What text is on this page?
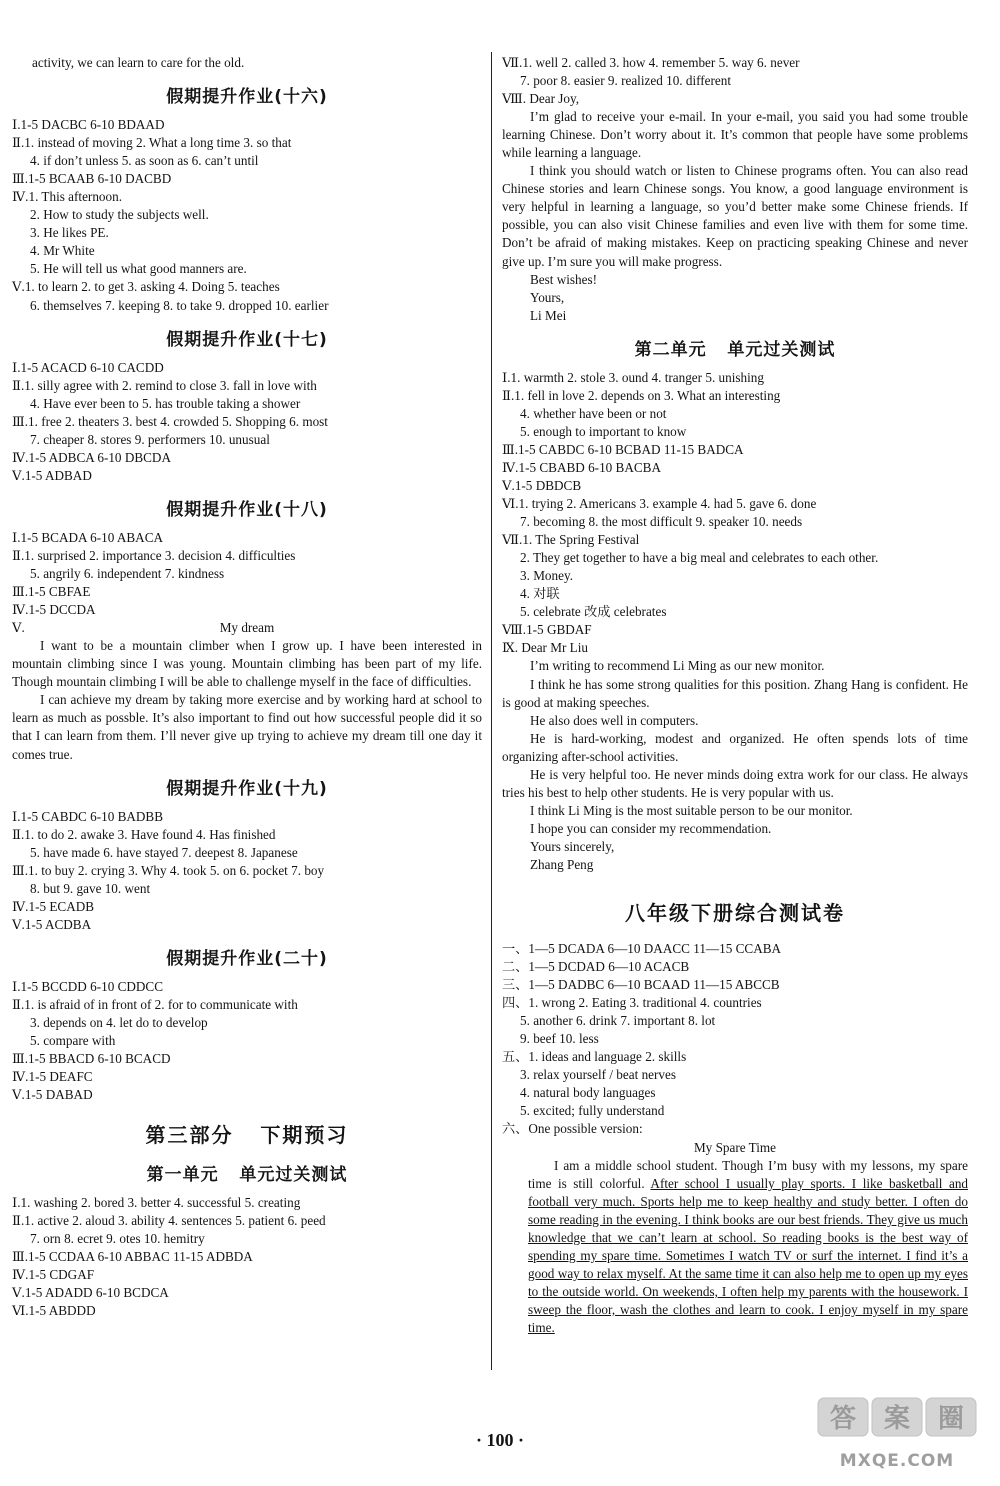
activity, we can learn to care for the old.
假期提升作业(十六)
Ⅰ.1-5 DACBC 6-10 BDAAD
Ⅱ.1. instead of moving 2. What a long time 3. so that
4. if don’t unless 5. as soon as 6. can’t until
Ⅲ.1-5 BCAAB 6-10 DACBD
Ⅳ.1. This afternoon.
2. How to study the subjects well.
3. He likes PE.
4. Mr White
5. He will tell us what good manners are.
Ⅴ.1. to learn 2. to get 3. asking 4. Doing 5. teaches
6. themselves 7. keeping 8. to take 9. dropped 10. earlier
假期提升作业(十七)
Ⅰ.1-5 ACACD 6-10 CACDD
Ⅱ.1. silly agree with 2. remind to close 3. fall in love with
4. Have ever been to 5. has trouble taking a shower
Ⅲ.1. free 2. theaters 3. best 4. crowded 5. Shopping 6. most
7. cheaper 8. stores 9. performers 10. unusual
Ⅳ.1-5 ADBCA 6-10 DBCDA
Ⅴ.1-5 ADBAD
假期提升作业(十八)
Ⅰ.1-5 BCADA 6-10 ABACA
Ⅱ.1. surprised 2. importance 3. decision 4. difficulties
5. angrily 6. independent 7. kindness
Ⅲ.1-5 CBFAE
Ⅳ.1-5 DCCDA
Ⅴ.	My dream
I want to be a mountain climber when I grow up. I have been interested in mountain climbing since I was young. Mountain climbing has been part of my life. Though mountain climbing I will be able to challenge myself in the face of difficulties.
I can achieve my dream by taking more exercise and by working hard at school to learn as much as possble. It’s also important to find out how successful people did it so that I can learn from them. I’ll never give up trying to achieve my dream till one day it comes true.
假期提升作业(十九)
Ⅰ.1-5 CABDC 6-10 BADBB
Ⅱ.1. to do 2. awake 3. Have found 4. Has finished
5. have made 6. have stayed 7. deepest 8. Japanese
Ⅲ.1. to buy 2. crying 3. Why 4. took 5. on 6. pocket 7. boy
8. but 9. gave 10. went
Ⅳ.1-5 ECADB
Ⅴ.1-5 ACDBA
假期提升作业(二十)
Ⅰ.1-5 BCCDD 6-10 CDDCC
Ⅱ.1. is afraid of in front of 2. for to communicate with
3. depends on 4. let do to develop
5. compare with
Ⅲ.1-5 BBACD 6-10 BCACD
Ⅳ.1-5 DEAFC
Ⅴ.1-5 DABAD
第三部分   下期预习
第一单元   单元过关测试
Ⅰ.1. washing 2. bored 3. better 4. successful 5. creating
Ⅱ.1. active 2. aloud 3. ability 4. sentences 5. patient 6. peed
7. orn 8. ecret 9. otes 10. hemitry
Ⅲ.1-5 CCDAA 6-10 ABBAC 11-15 ADBDA
Ⅳ.1-5 CDGAF
Ⅴ.1-5 ADADD 6-10 BCDCA
Ⅵ.1-5 ABDDD
Ⅶ.1. well 2. called 3. how 4. remember 5. way 6. never
7. poor 8. easier 9. realized 10. different
Ⅷ. Dear Joy,
I’m glad to receive your e-mail. In your e-mail, you said you had some trouble learning Chinese. Don’t worry about it. It’s common that people have some problems while learning a language.
I think you should watch or listen to Chinese programs often. You can also read Chinese stories and learn Chinese songs. You know, a good language environment is very helpful in learning a language, so you’d better make some Chinese friends. If possible, you can also visit Chinese families and even live with them for some time. Don’t be afraid of making mistakes. Keep on practicing speaking Chinese and never give up. I’m sure you will make progress.
Best wishes!
Yours,
Li Mei
第二单元   单元过关测试
Ⅰ.1. warmth 2. stole 3. ound 4. tranger 5. unishing
Ⅱ.1. fell in love 2. depends on 3. What an interesting
4. whether have been or not
5. enough to important to know
Ⅲ.1-5 CABDC 6-10 BCBAD 11-15 BADCA
Ⅳ.1-5 CBABD 6-10 BACBA
Ⅴ.1-5 DBDCB
Ⅵ.1. trying 2. Americans 3. example 4. had 5. gave 6. done
7. becoming 8. the most difficult 9. speaker 10. needs
Ⅶ.1. The Spring Festival
2. They get together to have a big meal and celebrates to each other.
3. Money.
4. 对联
5. celebrate 改成 celebrates
Ⅷ.1-5 GBDAF
Ⅸ. Dear Mr Liu
I’m writing to recommend Li Ming as our new monitor.
I think he has some strong qualities for this position. Zhang Hang is confident. He is good at making speeches.
He also does well in computers.
He is hard-working, modest and organized. He often spends lots of time organizing after-school activities.
He is very helpful too. He never minds doing extra work for our class. He always tries his best to help other students. He is very popular with us.
I think Li Ming is the most suitable person to be our monitor.
I hope you can consider my recommendation.
Yours sincerely,
Zhang Peng
八年级下册综合测试卷
一、1—5 DCADA 6—10 DAACC 11—15 CCABA
二、1—5 DCDAD 6—10 ACACB
三、1—5 DADBC 6—10 BCAAD 11—15 ABCCB
四、1. wrong 2. Eating 3. traditional 4. countries
5. another 6. drink 7. important 8. lot
9. beef 10. less
五、1. ideas and language 2. skills
3. relax yourself / beat nerves
4. natural body languages
5. excited; fully understand
六、One possible version:
My Spare Time
I am a middle school student. Though I’m busy with my lessons, my spare time is still colorful. After school I usually play sports. I like basketball and football very much. Sports help me to keep healthy and study better. I often do some reading in the evening. I think books are our best friends. They give us much knowledge that we can’t learn at school. So reading books is the best way of spending my spare time. Sometimes I watch TV or surf the internet. I find it’s a good way to relax myself. At the same time it can also help me to open up my eyes to the outside world. On weekends, I often help my parents with the housework. I sweep the floor, wash the clothes and learn to cook. I enjoy myself in my spare time.
· 100 ·
答 案 圈
MXQE.COM
